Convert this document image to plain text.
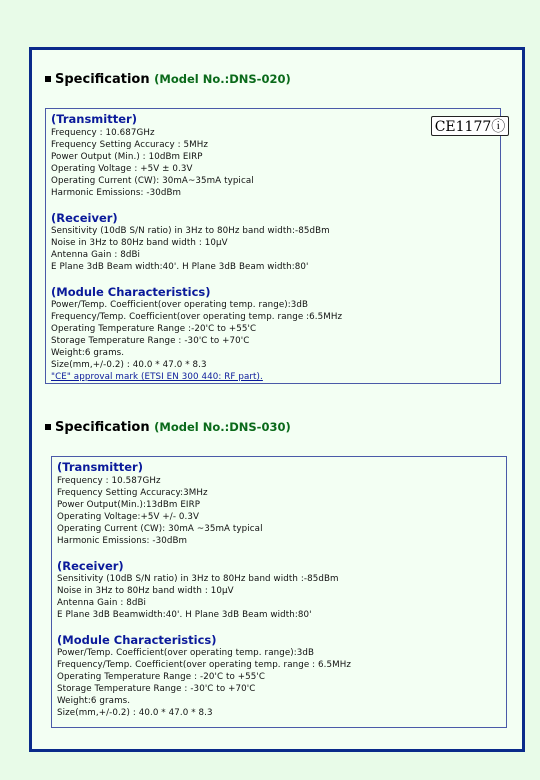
Specification (Model No.:DNS-020)
CE1177ⓘ
(Transmitter)
Frequency : 10.687GHz
Frequency Setting Accuracy : 5MHz
Power Output (Min.) : 10dBm EIRP
Operating Voltage : +5V ± 0.3V
Operating Current (CW): 30mA~35mA typical
Harmonic Emissions: -30dBm
(Receiver)
Sensitivity (10dB S/N ratio) in 3Hz to 80Hz band width:-85dBm
Noise in 3Hz to 80Hz band width : 10μV
Antenna Gain : 8dBi
E Plane 3dB Beam width:40'. H Plane 3dB Beam width:80'
(Module Characteristics)
Power/Temp. Coefficient(over operating temp. range):3dB
Frequency/Temp. Coefficient(over operating temp. range :6.5MHz
Operating Temperature Range :-20'C to +55'C
Storage Temperature Range : -30'C to +70'C
Weight:6 grams.
Size(mm,+/-0.2) : 40.0 * 47.0 * 8.3
"CE" approval mark (ETSI EN 300 440: RF part).
Specification (Model No.:DNS-030)
(Transmitter)
Frequency : 10.587GHz
Frequency Setting Accuracy:3MHz
Power Output(Min.):13dBm EIRP
Operating Voltage:+5V +/- 0.3V
Operating Current (CW): 30mA ~35mA typical
Harmonic Emissions: -30dBm
(Receiver)
Sensitivity (10dB S/N ratio) in 3Hz to 80Hz band width :-85dBm
Noise in 3Hz to 80Hz band width : 10μV
Antenna Gain : 8dBi
E Plane 3dB Beamwidth:40'. H Plane 3dB Beam width:80'
(Module Characteristics)
Power/Temp. Coefficient(over operating temp. range):3dB
Frequency/Temp. Coefficient(over operating temp. range : 6.5MHz
Operating Temperature Range : -20'C to +55'C
Storage Temperature Range : -30'C to +70'C
Weight:6 grams.
Size(mm,+/-0.2) : 40.0 * 47.0 * 8.3
